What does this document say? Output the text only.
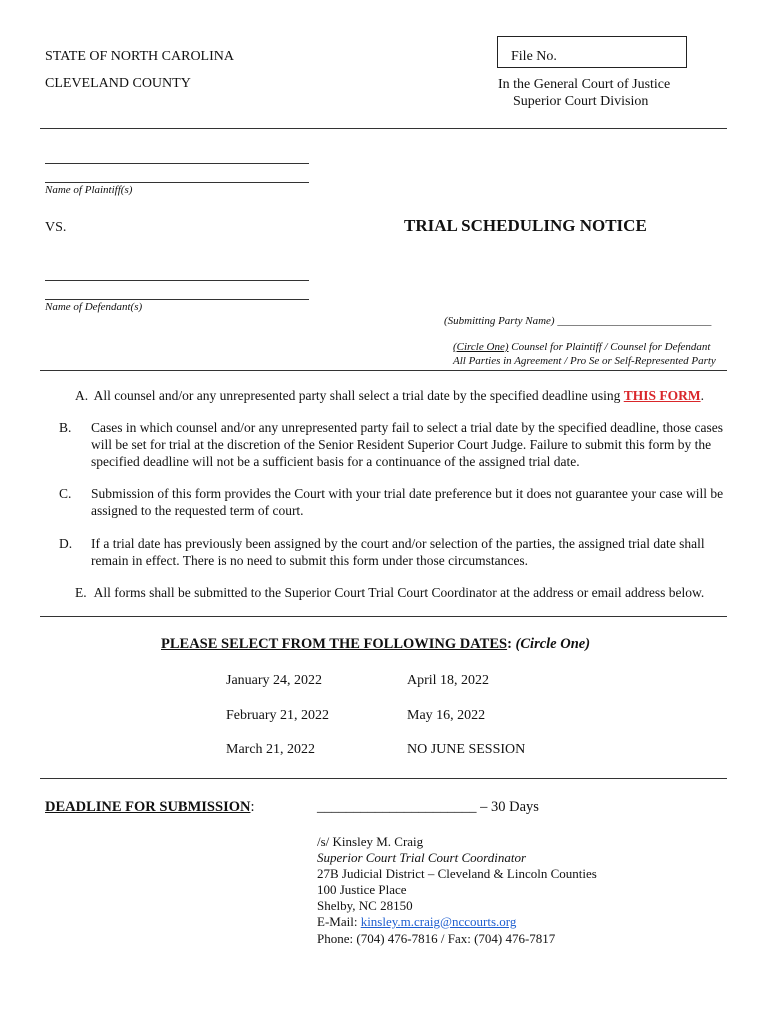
STATE OF NORTH CAROLINA
CLEVELAND COUNTY
File No.
In the General Court of Justice
Superior Court Division
Name of Plaintiff(s)
VS.	TRIAL SCHEDULING NOTICE
Name of Defendant(s)
(Submitting Party Name) ____________________________
(Circle One) Counsel for Plaintiff / Counsel for Defendant
All Parties in Agreement / Pro Se or Self-Represented Party
A. All counsel and/or any unrepresented party shall select a trial date by the specified deadline using THIS FORM.
B. Cases in which counsel and/or any unrepresented party fail to select a trial date by the specified deadline, those cases will be set for trial at the discretion of the Senior Resident Superior Court Judge. Failure to submit this form by the specified deadline will not be a sufficient basis for a continuance of the assigned trial date.
C. Submission of this form provides the Court with your trial date preference but it does not guarantee your case will be assigned to the requested term of court.
D. If a trial date has previously been assigned by the court and/or selection of the parties, the assigned trial date shall remain in effect. There is no need to submit this form under those circumstances.
E. All forms shall be submitted to the Superior Court Trial Court Coordinator at the address or email address below.
PLEASE SELECT FROM THE FOLLOWING DATES: (Circle One)
January 24, 2022	April 18, 2022
February 21, 2022	May 16, 2022
March 21, 2022	NO JUNE SESSION
DEADLINE FOR SUBMISSION:	______________________ – 30 Days
/s/ Kinsley M. Craig
Superior Court Trial Court Coordinator
27B Judicial District – Cleveland & Lincoln Counties
100 Justice Place
Shelby, NC 28150
E-Mail: kinsley.m.craig@nccourts.org
Phone: (704) 476-7816 / Fax: (704) 476-7817
